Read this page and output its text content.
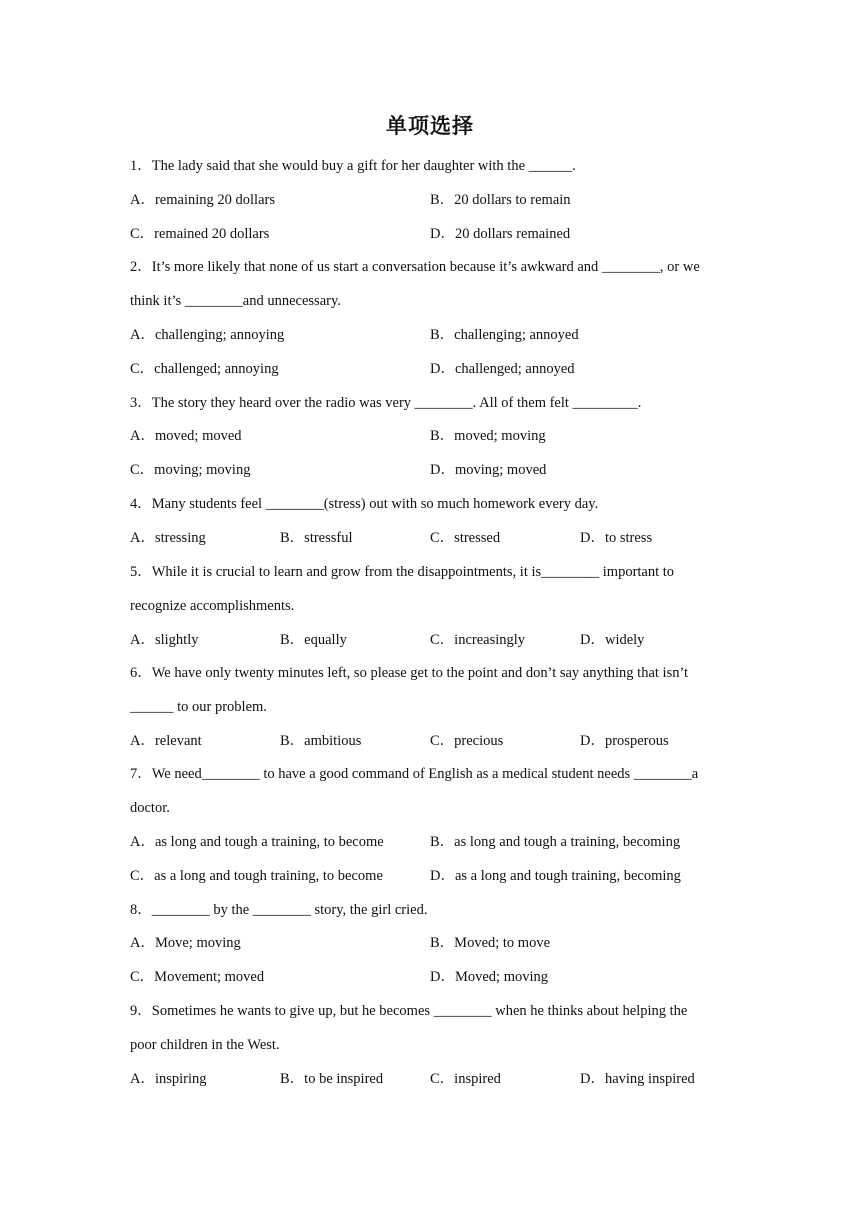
单项选择
1．The lady said that she would buy a gift for her daughter with the ______.
A．remaining 20 dollars	B．20 dollars to remain
C．remained 20 dollars	D．20 dollars remained
2．It’s more likely that none of us start a conversation because it’s awkward and ________, or we
think it’s ________and unnecessary.
A．challenging; annoying	B．challenging; annoyed
C．challenged; annoying	D．challenged; annoyed
3．The story they heard over the radio was very ________. All of them felt _________.
A．moved; moved	B．moved; moving
C．moving; moving	D．moving; moved
4．Many students feel ________(stress) out with so much homework every day.
A．stressing	B．stressful	C．stressed	D．to stress
5．While it is crucial to learn and grow from the disappointments, it is________ important to
recognize accomplishments.
A．slightly	B．equally	C．increasingly	D．widely
6．We have only twenty minutes left, so please get to the point and don’t say anything that isn’t
______ to our problem.
A．relevant	B．ambitious	C．precious	D．prosperous
7．We need________ to have a good command of English as a medical student needs ________a
doctor.
A．as long and tough a training, to become	B．as long and tough a training, becoming
C．as a long and tough training, to become	D．as a long and tough training, becoming
8．________ by the ________ story, the girl cried.
A．Move; moving	B．Moved; to move
C．Movement; moved	D．Moved; moving
9．Sometimes he wants to give up, but he becomes ________ when he thinks about helping the
poor children in the West.
A．inspiring	B．to be inspired	C．inspired	D．having inspired
